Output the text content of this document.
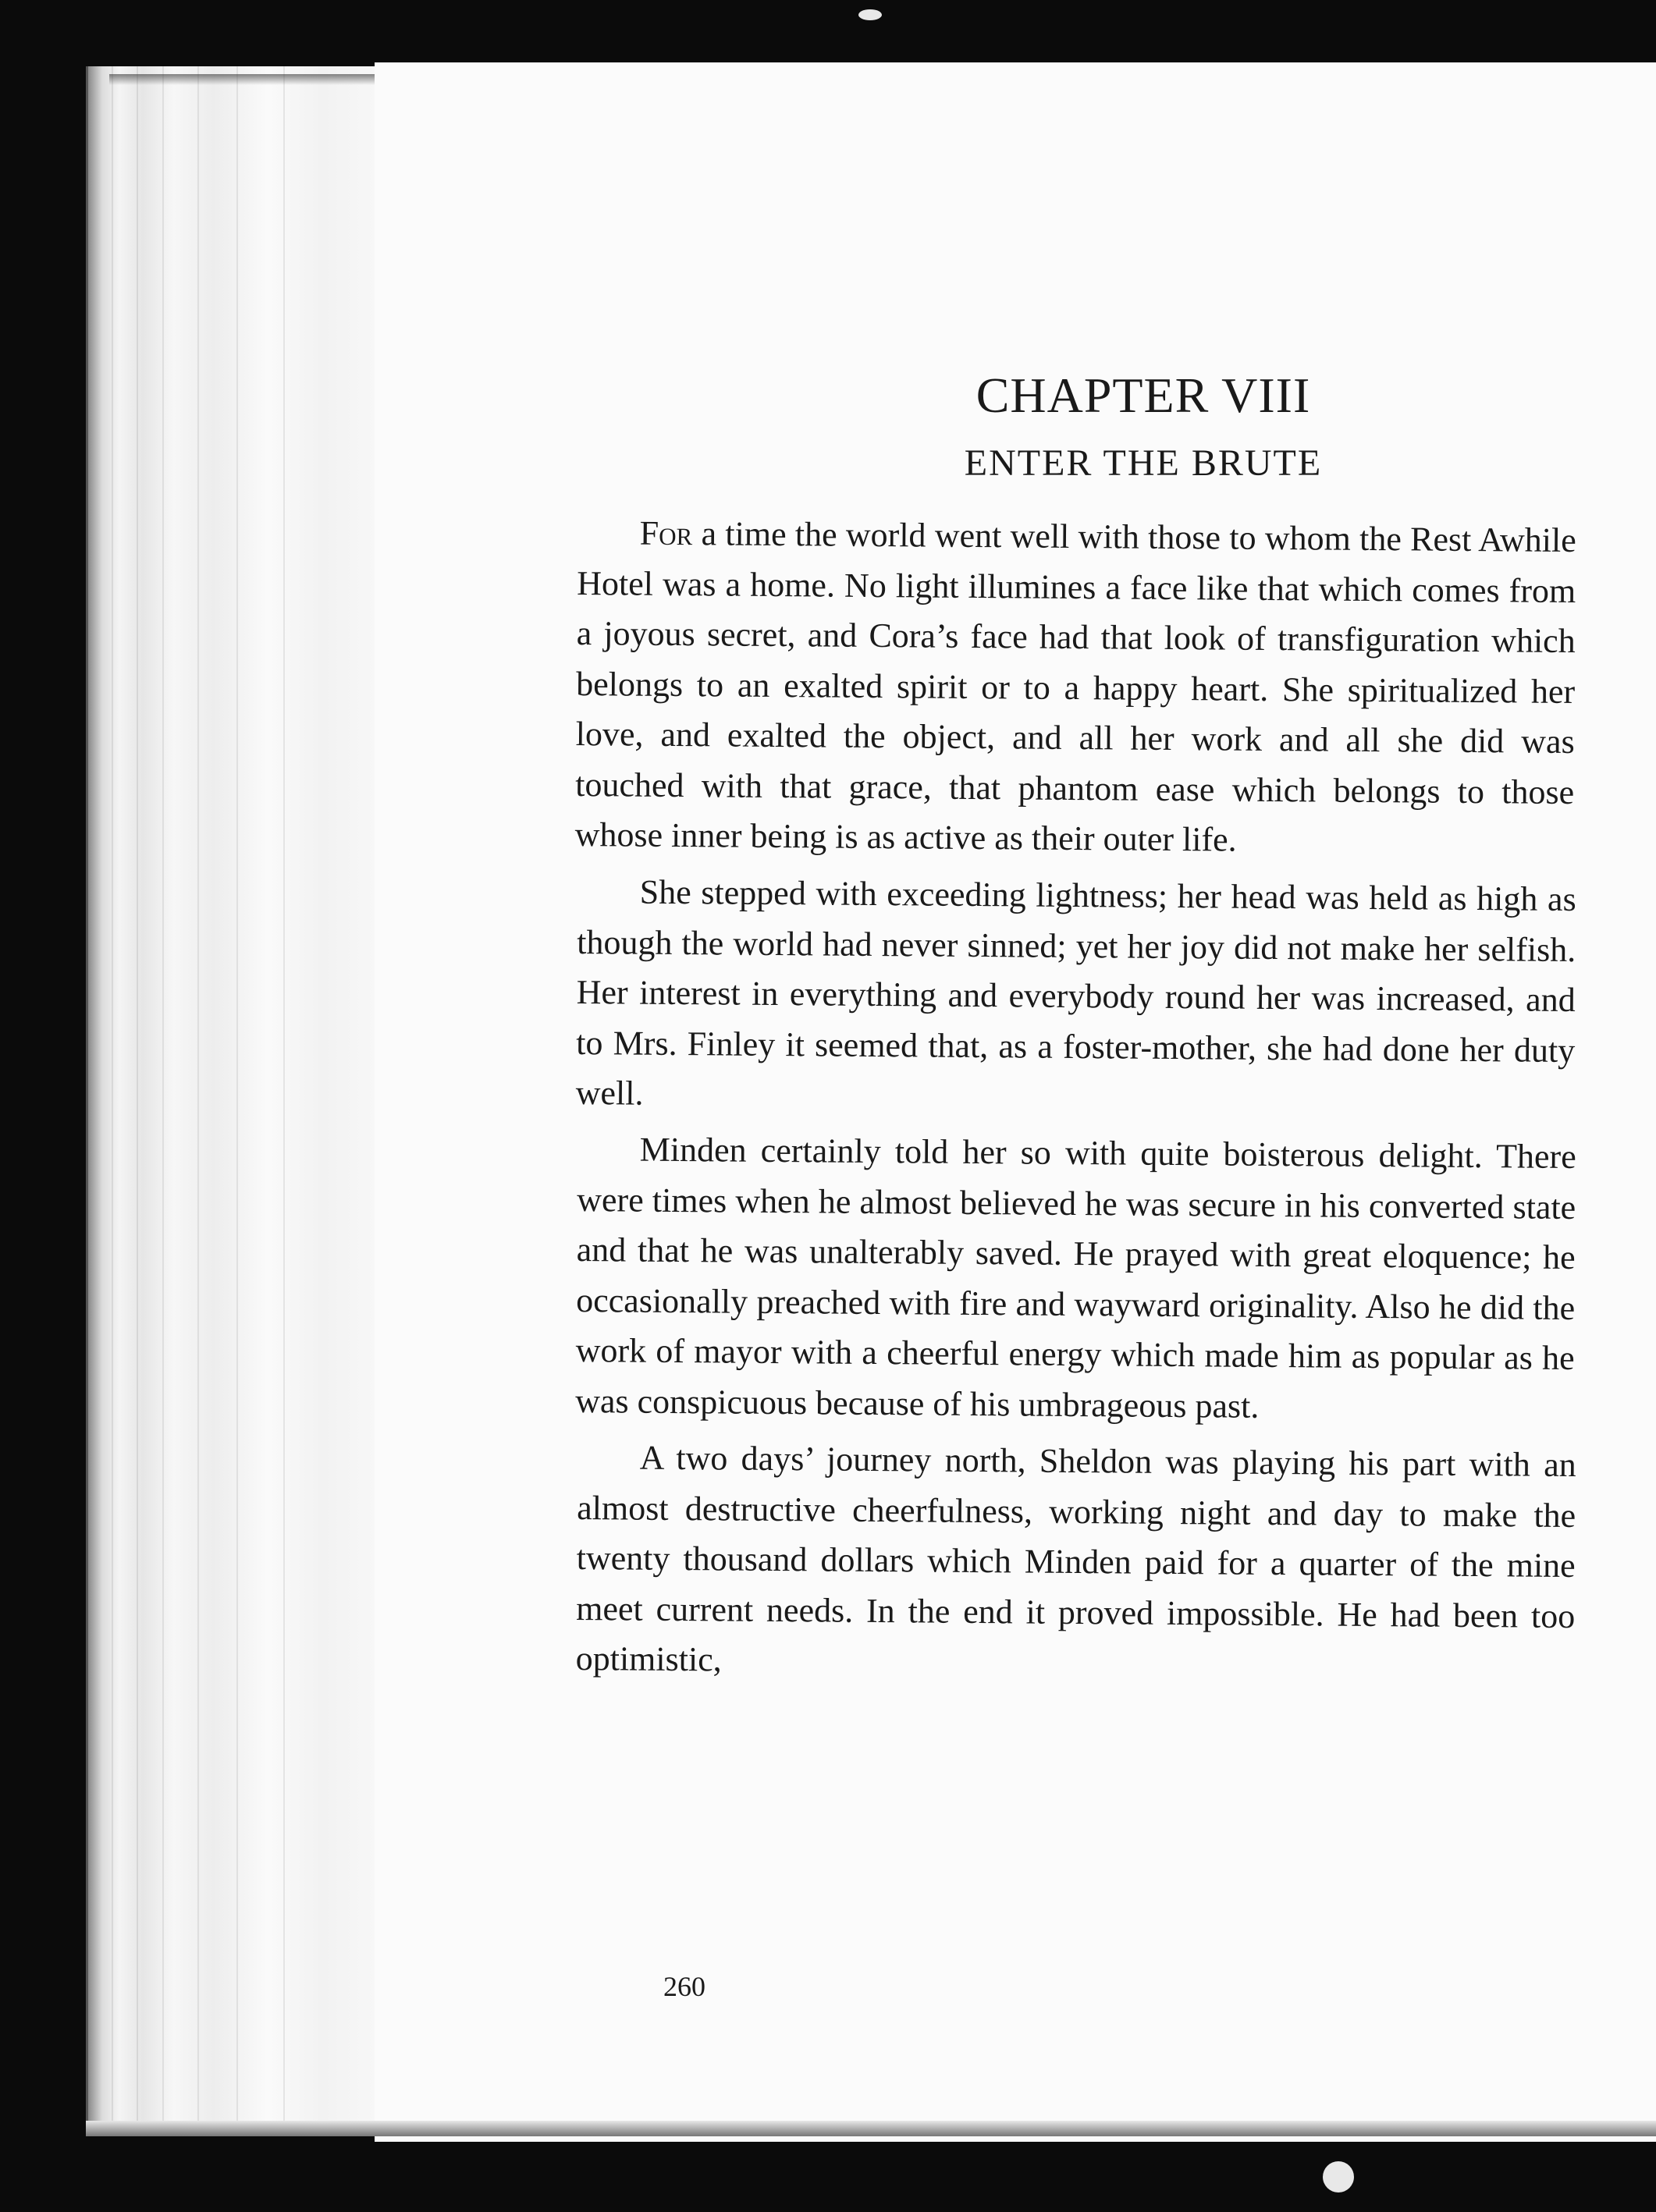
CHAPTER VIII
ENTER THE BRUTE

For a time the world went well with those to whom the Rest Awhile Hotel was a home. No light illumines a face like that which comes from a joyous secret, and Cora’s face had that look of transfiguration which belongs to an exalted spirit or to a happy heart. She spiritualized her love, and exalted the object, and all her work and all she did was touched with that grace, that phantom ease which belongs to those whose inner being is as active as their outer life.

She stepped with exceeding lightness; her head was held as high as though the world had never sinned; yet her joy did not make her selfish. Her interest in everything and everybody round her was increased, and to Mrs. Finley it seemed that, as a foster-mother, she had done her duty well.

Minden certainly told her so with quite boisterous delight. There were times when he almost believed he was secure in his converted state and that he was unalterably saved. He prayed with great eloquence; he occasionally preached with fire and wayward originality. Also he did the work of mayor with a cheerful energy which made him as popular as he was conspicuous because of his umbrageous past.

A two days’ journey north, Sheldon was playing his part with an almost destructive cheerfulness, working night and day to make the twenty thousand dollars which Minden paid for a quarter of the mine meet current needs. In the end it proved impossible. He had been too optimistic,

260
